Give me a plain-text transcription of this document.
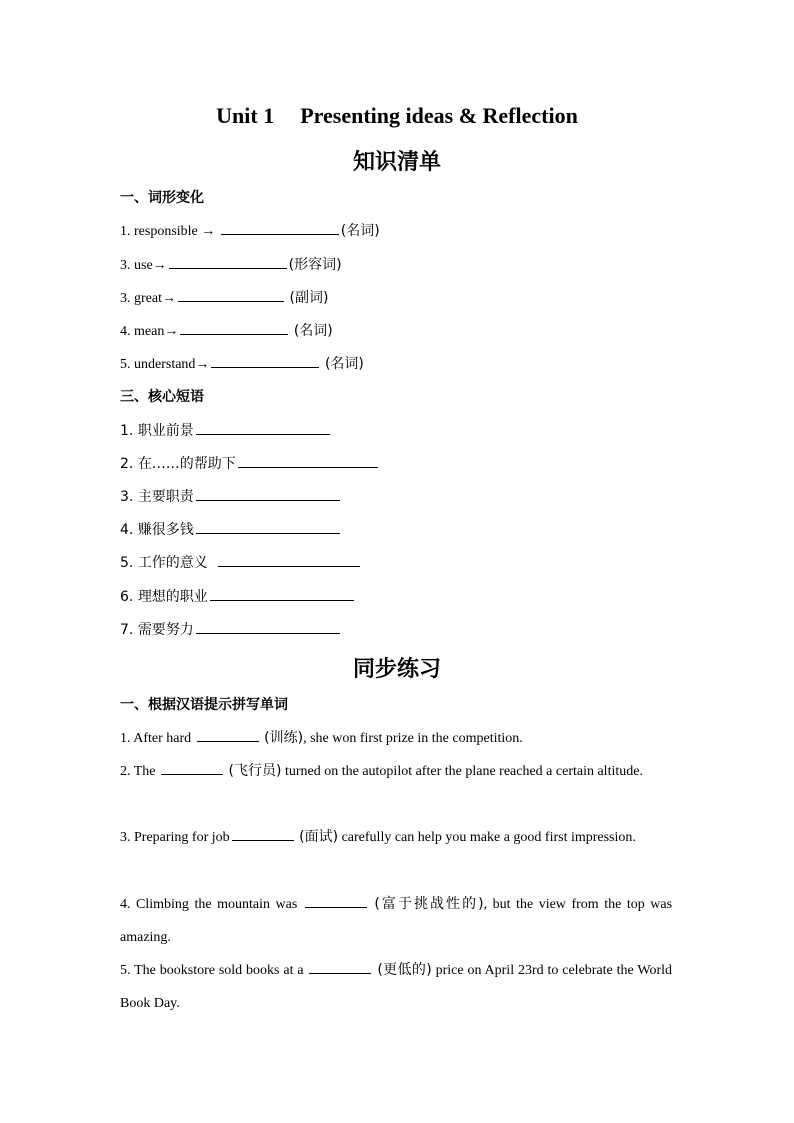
Unit 1 Presenting ideas & Reflection
知识清单
一、词形变化
1. responsible →	(名词)
3. use→	(形容词)
3. great→	(副词)
4. mean→	(名词)
5. understand→	(名词)
三、核心短语
1. 职业前景
2. 在……的帮助下
3. 主要职责
4. 赚很多钱
5. 工作的意义
6. 理想的职业
7. 需要努力
同步练习
一、根据汉语提示拼写单词
1. After hard	(训练), she won first prize in the competition.
2. The	(飞行员) turned on the autopilot after the plane reached a certain altitude.
3. Preparing for job	(面试) carefully can help you make a good first impression.
4. Climbing the mountain was	(富于挑战性的), but the view from the top was amazing.
5. The bookstore sold books at a	(更低的) price on April 23rd to celebrate the World Book Day.
